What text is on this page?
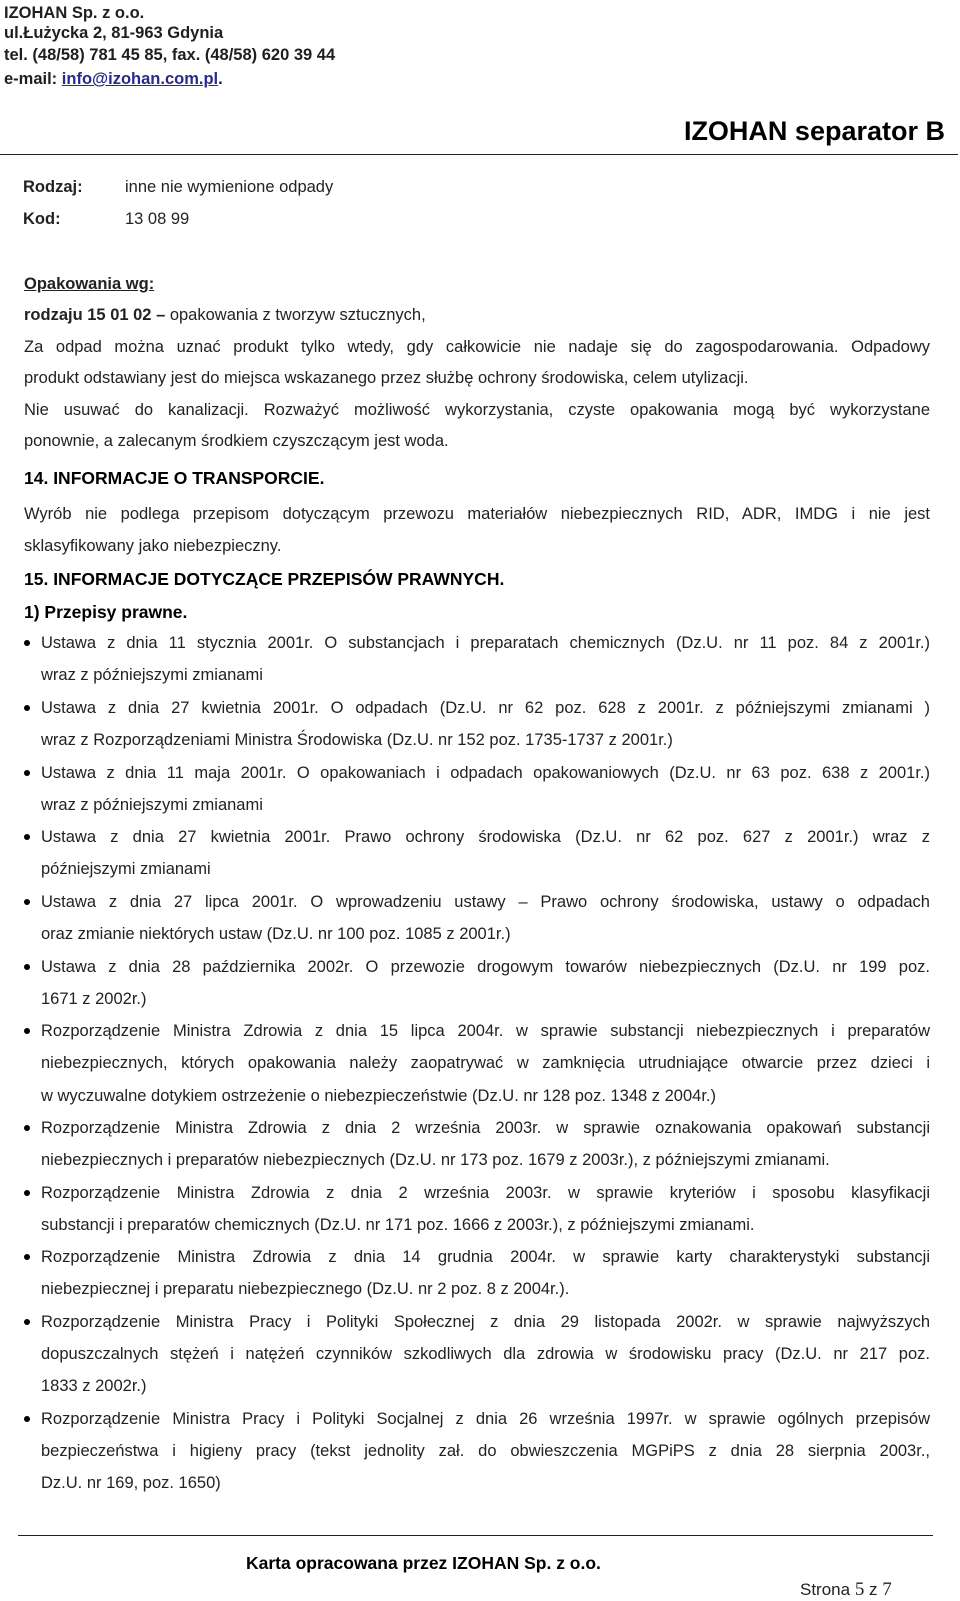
IZOHAN Sp. z o.o.
ul.Łużycka 2, 81-963 Gdynia
tel. (48/58) 781 45 85, fax. (48/58) 620 39 44
e-mail: info@izohan.com.pl.
IZOHAN separator B
Rodzaj:	inne nie wymienione odpady
Kod:	13 08 99
Opakowania wg:
rodzaju 15 01 02 – opakowania z tworzyw sztucznych,
Za odpad można uznać produkt tylko wtedy, gdy całkowicie nie nadaje się do zagospodarowania. Odpadowy
produkt odstawiany jest do miejsca wskazanego przez służbę ochrony środowiska, celem utylizacji.
Nie usuwać do kanalizacji. Rozważyć możliwość wykorzystania, czyste opakowania mogą być wykorzystane
ponownie, a zalecanym środkiem czyszczącym jest woda.
14. INFORMACJE O TRANSPORCIE.
Wyrób nie podlega przepisom dotyczącym przewozu materiałów niebezpiecznych RID, ADR, IMDG i nie jest
sklasyfikowany jako niebezpieczny.
15. INFORMACJE DOTYCZĄCE PRZEPISÓW PRAWNYCH.
1) Przepisy prawne.
Ustawa z dnia 11 stycznia 2001r. O substancjach i preparatach chemicznych (Dz.U. nr 11 poz. 84 z 2001r.)
wraz z późniejszymi zmianami
Ustawa z dnia 27 kwietnia 2001r. O odpadach (Dz.U. nr 62 poz. 628 z 2001r. z późniejszymi zmianami )
wraz z Rozporządzeniami Ministra Środowiska (Dz.U. nr 152 poz. 1735-1737 z 2001r.)
Ustawa z dnia 11 maja 2001r. O opakowaniach i odpadach opakowaniowych (Dz.U. nr 63 poz. 638 z 2001r.)
wraz z późniejszymi zmianami
Ustawa z dnia 27 kwietnia 2001r. Prawo ochrony środowiska (Dz.U. nr 62 poz. 627 z 2001r.) wraz z
późniejszymi zmianami
Ustawa z dnia 27 lipca 2001r. O wprowadzeniu ustawy – Prawo ochrony środowiska, ustawy o odpadach
oraz zmianie niektórych ustaw (Dz.U. nr 100 poz. 1085 z 2001r.)
Ustawa z dnia 28 października 2002r. O przewozie drogowym towarów niebezpiecznych (Dz.U. nr 199 poz.
1671 z 2002r.)
Rozporządzenie Ministra Zdrowia z dnia 15 lipca 2004r. w sprawie substancji niebezpiecznych i preparatów
niebezpiecznych, których opakowania należy zaopatrywać w zamknięcia utrudniające otwarcie przez dzieci i
w wyczuwalne dotykiem ostrzeżenie o niebezpieczeństwie (Dz.U. nr 128 poz. 1348 z 2004r.)
Rozporządzenie Ministra Zdrowia z dnia 2 września 2003r. w sprawie oznakowania opakowań substancji
niebezpiecznych i preparatów niebezpiecznych (Dz.U. nr 173 poz. 1679 z 2003r.), z późniejszymi zmianami.
Rozporządzenie Ministra Zdrowia z dnia 2 września 2003r. w sprawie kryteriów i sposobu klasyfikacji
substancji i preparatów chemicznych (Dz.U. nr 171 poz. 1666 z 2003r.), z późniejszymi zmianami.
Rozporządzenie Ministra Zdrowia z dnia 14 grudnia 2004r. w sprawie karty charakterystyki substancji
niebezpiecznej i preparatu niebezpiecznego (Dz.U. nr 2 poz. 8 z 2004r.).
Rozporządzenie Ministra Pracy i Polityki Społecznej z dnia 29 listopada 2002r. w sprawie najwyższych
dopuszczalnych stężeń i natężeń czynników szkodliwych dla zdrowia w środowisku pracy (Dz.U. nr 217 poz.
1833 z 2002r.)
Rozporządzenie Ministra Pracy i Polityki Socjalnej z dnia 26 września 1997r. w sprawie ogólnych przepisów
bezpieczeństwa i higieny pracy (tekst jednolity zał. do obwieszczenia MGPiPS z dnia 28 sierpnia 2003r.,
Dz.U. nr 169, poz. 1650)
Karta opracowana przez IZOHAN Sp. z o.o.
Strona 5 z 7
